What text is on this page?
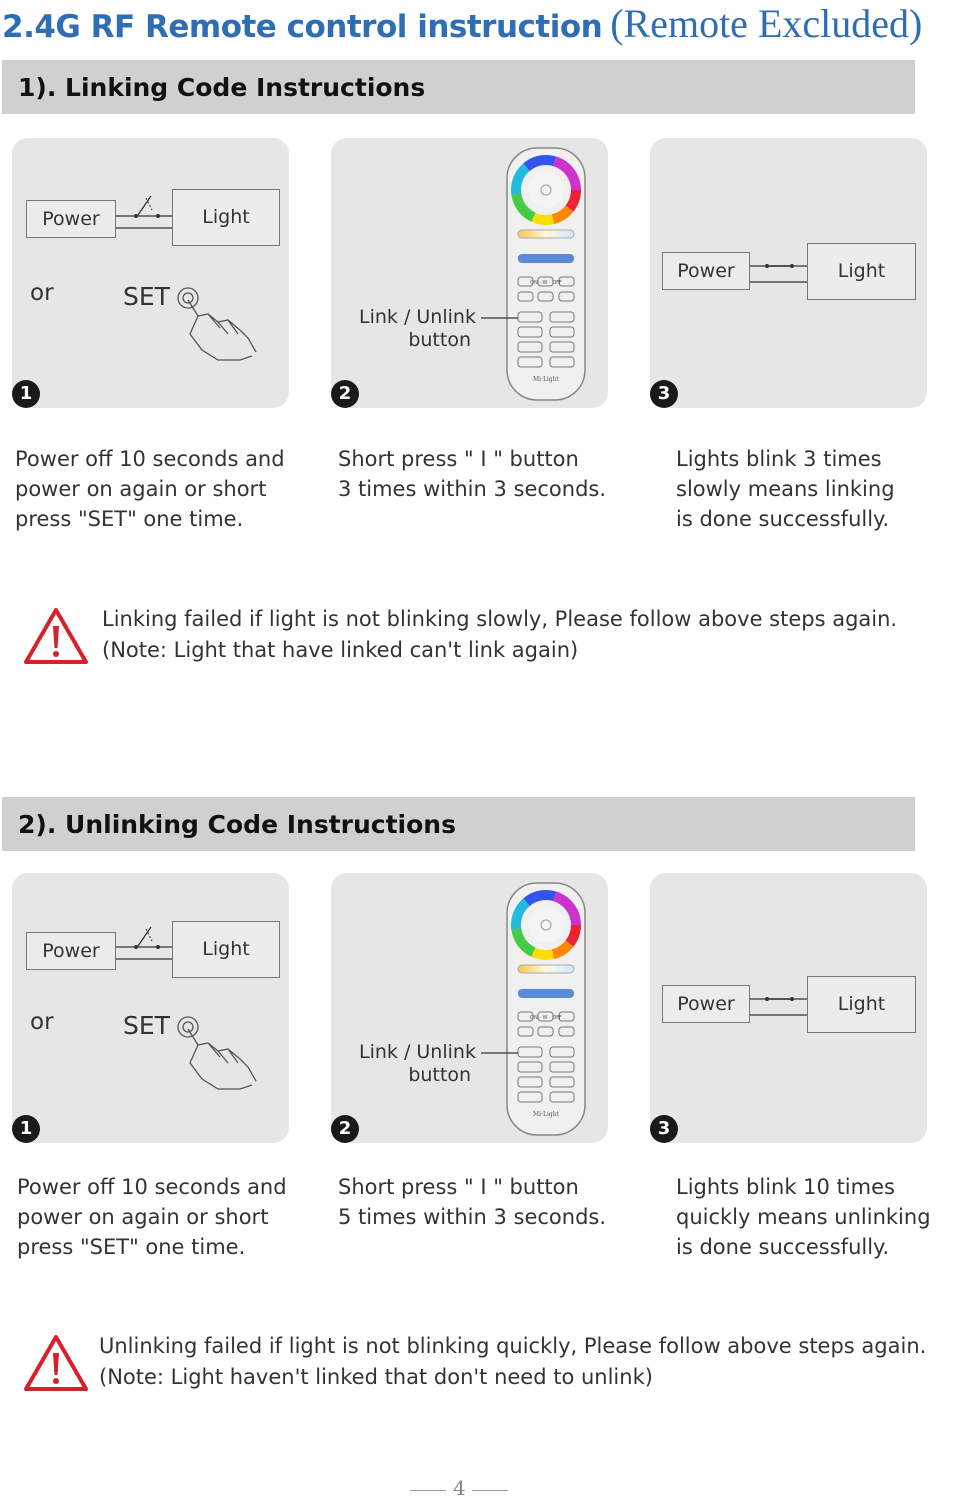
2.4G RF Remote control instruction (Remote Excluded)
1). Linking Code Instructions
Power	Light
or	SET
1
ON · W · OFF
Mi·Light
Link / Unlink
button
2
Power	Light
3
Power off 10 seconds and
power on again or short
press "SET" one time.
Short press " I " button
3 times within 3 seconds.
Lights blink 3 times
slowly means linking
is done successfully.
Linking failed if light is not blinking slowly, Please follow above steps again.
(Note: Light that have linked can't link again)
2). Unlinking Code Instructions
Power	Light
or	SET
1
ON · W · OFF
Mi·Light
Link / Unlink
button
2
Power	Light
3
Power off 10 seconds and
power on again or short
press "SET" one time.
Short press " I " button
5 times within 3 seconds.
Lights blink 10 times
quickly means unlinking
is done successfully.
Unlinking failed if light is not blinking quickly, Please follow above steps again.
(Note: Light haven't linked that don't need to unlink)
4
